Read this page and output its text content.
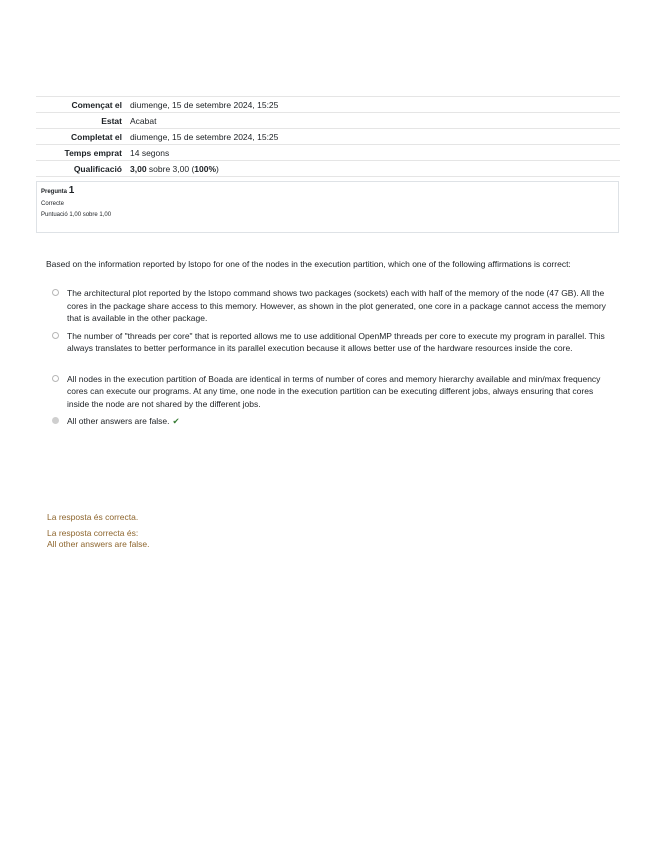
Començat el	diumenge, 15 de setembre 2024, 15:25
Estat	Acabat
Completat el	diumenge, 15 de setembre 2024, 15:25
Temps emprat	14 segons
Qualificació	3,00 sobre 3,00 (100%)
Pregunta 1
Correcte
Puntuació 1,00 sobre 1,00
Based on the information reported by lstopo for one of the nodes in the execution partition, which one of the following affirmations is correct:
The architectural plot reported by the lstopo command shows two packages (sockets) each with half of the memory of the node (47 GB). All the cores in the package share access to this memory. However, as shown in the plot generated, one core in a package cannot access the memory that is available in the other package.
The number of "threads per core" that is reported allows me to use additional OpenMP threads per core to execute my program in parallel. This always translates to better performance in its parallel execution because it allows better use of the hardware resources inside the core.
All nodes in the execution partition of Boada are identical in terms of number of cores and memory hierarchy available and min/max frequency cores can execute our programs. At any time, one node in the execution partition can be executing different jobs, always ensuring that cores inside the node are not shared by the different jobs.
All other answers are false. ✔
La resposta és correcta.
La resposta correcta és:
All other answers are false.
